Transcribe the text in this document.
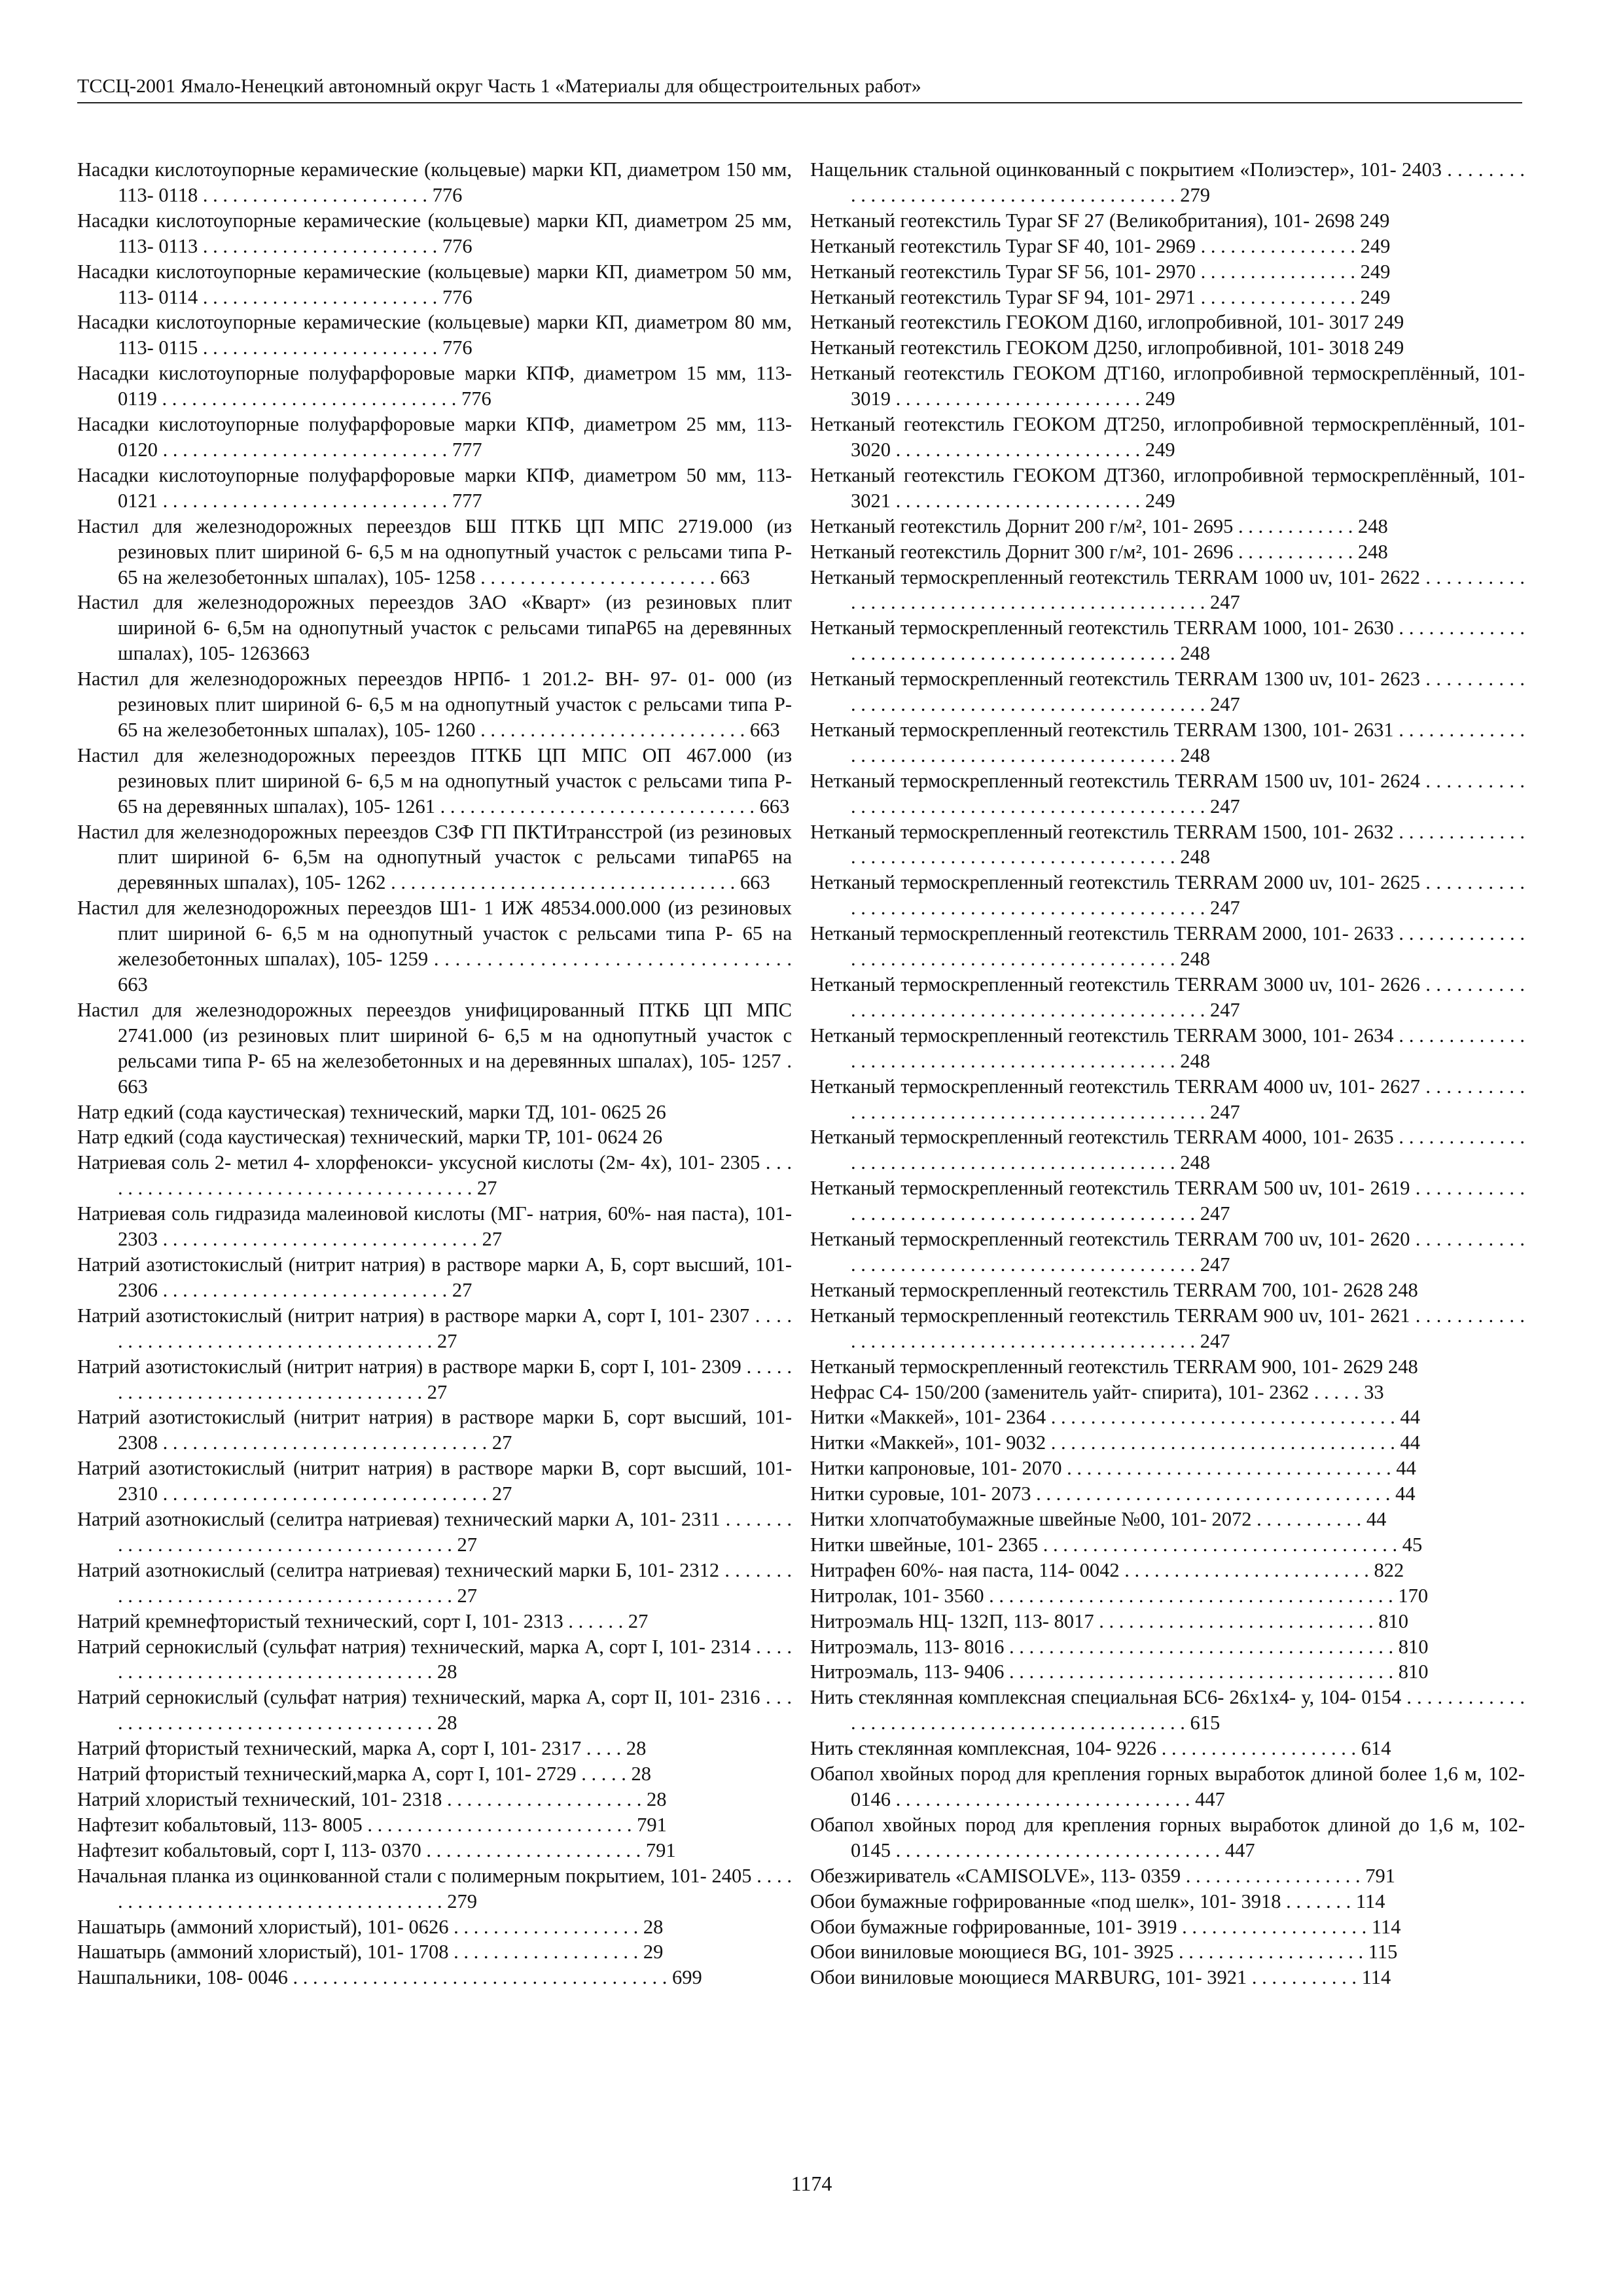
ТССЦ-2001 Ямало-Ненецкий автономный округ Часть 1 «Материалы для общестроительных работ»
Насадки кислотоупорные керамические (кольцевые) марки КП, диаметром 150 мм, 113- 0118 . . . . . . . . . . . . . . . . . . . . . . . 776
Насадки кислотоупорные керамические (кольцевые) марки КП, диаметром 25 мм, 113- 0113 . . . . . . . . . . . . . . . . . . . . . . . . 776
Насадки кислотоупорные керамические (кольцевые) марки КП, диаметром 50 мм, 113- 0114 . . . . . . . . . . . . . . . . . . . . . . . . 776
Насадки кислотоупорные керамические (кольцевые) марки КП, диаметром 80 мм, 113- 0115 . . . . . . . . . . . . . . . . . . . . . . . . 776
Насадки кислотоупорные полуфарфоровые марки КПФ, диаметром 15 мм, 113- 0119 . . . . . . . . . . . . . . . . . . . . . . . . . . . . . . 776
Насадки кислотоупорные полуфарфоровые марки КПФ, диаметром 25 мм, 113- 0120 . . . . . . . . . . . . . . . . . . . . . . . . . . . . . 777
Насадки кислотоупорные полуфарфоровые марки КПФ, диаметром 50 мм, 113- 0121 . . . . . . . . . . . . . . . . . . . . . . . . . . . . . 777
Настил для железнодорожных переездов БШ ПТКБ ЦП МПС 2719.000 (из резиновых плит шириной 6- 6,5 м на однопутный участок с рельсами типа Р- 65 на железобетонных шпалах), 105- 1258 . . . . . . . . . . . . . . . . . . . . . . . . 663
Настил для железнодорожных переездов ЗАО «Кварт» (из резиновых плит шириной 6- 6,5м на однопутный участок с рельсами типаР65 на деревянных шпалах), 105- 1263663
Настил для железнодорожных переездов НРПб- 1 201.2- ВН- 97- 01- 000 (из резиновых плит шириной 6- 6,5 м на однопутный участок с рельсами типа Р- 65 на железобетонных шпалах), 105- 1260 . . . . . . . . . . . . . . . . . . . . . . . . . . . 663
Настил для железнодорожных переездов ПТКБ ЦП МПС ОП 467.000 (из резиновых плит шириной 6- 6,5 м на однопутный участок с рельсами типа Р- 65 на деревянных шпалах), 105- 1261 . . . . . . . . . . . . . . . . . . . . . . . . . . . . . . . . 663
Настил для железнодорожных переездов СЗФ ГП ПКТИтрансстрой (из резиновых плит шириной 6- 6,5м на однопутный участок с рельсами типаР65 на деревянных шпалах), 105- 1262 . . . . . . . . . . . . . . . . . . . . . . . . . . . . . . . . . . . 663
Настил для железнодорожных переездов Ш1- 1 ИЖ 48534.000.000 (из резиновых плит шириной 6- 6,5 м на однопутный участок с рельсами типа Р- 65 на железобетонных шпалах), 105- 1259 . . . . . . . . . . . . . . . . . . . . . . . . . . . . . . . . . . 663
Настил для железнодорожных переездов унифицированный ПТКБ ЦП МПС 2741.000 (из резиновых плит шириной 6- 6,5 м на однопутный участок с рельсами типа Р- 65 на железобетонных и на деревянных шпалах), 105- 1257 . 663
Натр едкий (сода каустическая) технический, марки ТД, 101- 0625 26
Натр едкий (сода каустическая) технический, марки ТР, 101- 0624 26
Натриевая соль 2- метил 4- хлорфенокси- уксусной кислоты (2м- 4х), 101- 2305 . . . . . . . . . . . . . . . . . . . . . . . . . . . . . . . . . . . . . . . 27
Натриевая соль гидразида малеиновой кислоты (МГ- натрия, 60%- ная паста), 101- 2303 . . . . . . . . . . . . . . . . . . . . . . . . . . . . . . . . 27
Натрий азотистокислый (нитрит натрия) в растворе марки А, Б, сорт высший, 101- 2306 . . . . . . . . . . . . . . . . . . . . . . . . . . . . . 27
Натрий азотистокислый (нитрит натрия) в растворе марки А, сорт I, 101- 2307 . . . . . . . . . . . . . . . . . . . . . . . . . . . . . . . . . . . . 27
Натрий азотистокислый (нитрит натрия) в растворе марки Б, сорт I, 101- 2309 . . . . . . . . . . . . . . . . . . . . . . . . . . . . . . . . . . . . 27
Натрий азотистокислый (нитрит натрия) в растворе марки Б, сорт высший, 101- 2308 . . . . . . . . . . . . . . . . . . . . . . . . . . . . . . . . . 27
Натрий азотистокислый (нитрит натрия) в растворе марки В, сорт высший, 101- 2310 . . . . . . . . . . . . . . . . . . . . . . . . . . . . . . . . . 27
Натрий азотнокислый (селитра натриевая) технический марки А, 101- 2311 . . . . . . . . . . . . . . . . . . . . . . . . . . . . . . . . . . . . . . . . . 27
Натрий азотнокислый (селитра натриевая) технический марки Б, 101- 2312 . . . . . . . . . . . . . . . . . . . . . . . . . . . . . . . . . . . . . . . . . 27
Натрий кремнефтористый технический, сорт I, 101- 2313 . . . . . . 27
Натрий сернокислый (сульфат натрия) технический, марка А, сорт I, 101- 2314 . . . . . . . . . . . . . . . . . . . . . . . . . . . . . . . . . . . . 28
Натрий сернокислый (сульфат натрия) технический, марка А, сорт II, 101- 2316 . . . . . . . . . . . . . . . . . . . . . . . . . . . . . . . . . . . 28
Натрий фтористый технический, марка А, сорт I, 101- 2317 . . . . 28
Натрий фтористый технический,марка А, сорт I, 101- 2729 . . . . . 28
Натрий хлористый технический, 101- 2318 . . . . . . . . . . . . . . . . . . . . 28
Нафтезит кобальтовый, 113- 8005 . . . . . . . . . . . . . . . . . . . . . . . . . . . 791
Нафтезит кобальтовый, сорт I, 113- 0370 . . . . . . . . . . . . . . . . . . . . . . 791
Начальная планка из оцинкованной стали с полимерным покрытием, 101- 2405 . . . . . . . . . . . . . . . . . . . . . . . . . . . . . . . . . . . . . 279
Нашатырь (аммоний хлористый), 101- 0626 . . . . . . . . . . . . . . . . . . . 28
Нашатырь (аммоний хлористый), 101- 1708 . . . . . . . . . . . . . . . . . . . 29
Нашпальники, 108- 0046 . . . . . . . . . . . . . . . . . . . . . . . . . . . . . . . . . . . . . . 699
Нащельник стальной оцинкованный с покрытием «Полиэстер», 101- 2403 . . . . . . . . . . . . . . . . . . . . . . . . . . . . . . . . . . . . . . . . . 279
Нетканый геотекстиль Typar SF 27 (Великобритания), 101- 2698 249
Нетканый геотекстиль Typar SF 40, 101- 2969 . . . . . . . . . . . . . . . . 249
Нетканый геотекстиль Typar SF 56, 101- 2970 . . . . . . . . . . . . . . . . 249
Нетканый геотекстиль Typar SF 94, 101- 2971 . . . . . . . . . . . . . . . . 249
Нетканый геотекстиль ГЕОКОМ Д160, иглопробивной, 101- 3017 249
Нетканый геотекстиль ГЕОКОМ Д250, иглопробивной, 101- 3018 249
Нетканый геотекстиль ГЕОКОМ ДТ160, иглопробивной термоскреплённый, 101- 3019 . . . . . . . . . . . . . . . . . . . . . . . . . 249
Нетканый геотекстиль ГЕОКОМ ДТ250, иглопробивной термоскреплённый, 101- 3020 . . . . . . . . . . . . . . . . . . . . . . . . . 249
Нетканый геотекстиль ГЕОКОМ ДТ360, иглопробивной термоскреплённый, 101- 3021 . . . . . . . . . . . . . . . . . . . . . . . . . 249
Нетканый геотекстиль Дорнит 200 г/м², 101- 2695 . . . . . . . . . . . . 248
Нетканый геотекстиль Дорнит 300 г/м², 101- 2696 . . . . . . . . . . . . 248
Нетканый термоскрепленный геотекстиль TERRAM 1000 uv, 101- 2622 . . . . . . . . . . . . . . . . . . . . . . . . . . . . . . . . . . . . . . . . . . . . . . 247
Нетканый термоскрепленный геотекстиль TERRAM 1000, 101- 2630 . . . . . . . . . . . . . . . . . . . . . . . . . . . . . . . . . . . . . . . . . . . . . . 248
Нетканый термоскрепленный геотекстиль TERRAM 1300 uv, 101- 2623 . . . . . . . . . . . . . . . . . . . . . . . . . . . . . . . . . . . . . . . . . . . . . . 247
Нетканый термоскрепленный геотекстиль TERRAM 1300, 101- 2631 . . . . . . . . . . . . . . . . . . . . . . . . . . . . . . . . . . . . . . . . . . . . . . 248
Нетканый термоскрепленный геотекстиль TERRAM 1500 uv, 101- 2624 . . . . . . . . . . . . . . . . . . . . . . . . . . . . . . . . . . . . . . . . . . . . . . 247
Нетканый термоскрепленный геотекстиль TERRAM 1500, 101- 2632 . . . . . . . . . . . . . . . . . . . . . . . . . . . . . . . . . . . . . . . . . . . . . . 248
Нетканый термоскрепленный геотекстиль TERRAM 2000 uv, 101- 2625 . . . . . . . . . . . . . . . . . . . . . . . . . . . . . . . . . . . . . . . . . . . . . . 247
Нетканый термоскрепленный геотекстиль TERRAM 2000, 101- 2633 . . . . . . . . . . . . . . . . . . . . . . . . . . . . . . . . . . . . . . . . . . . . . . 248
Нетканый термоскрепленный геотекстиль TERRAM 3000 uv, 101- 2626 . . . . . . . . . . . . . . . . . . . . . . . . . . . . . . . . . . . . . . . . . . . . . . 247
Нетканый термоскрепленный геотекстиль TERRAM 3000, 101- 2634 . . . . . . . . . . . . . . . . . . . . . . . . . . . . . . . . . . . . . . . . . . . . . . 248
Нетканый термоскрепленный геотекстиль TERRAM 4000 uv, 101- 2627 . . . . . . . . . . . . . . . . . . . . . . . . . . . . . . . . . . . . . . . . . . . . . . 247
Нетканый термоскрепленный геотекстиль TERRAM 4000, 101- 2635 . . . . . . . . . . . . . . . . . . . . . . . . . . . . . . . . . . . . . . . . . . . . . . 248
Нетканый термоскрепленный геотекстиль TERRAM 500 uv, 101- 2619 . . . . . . . . . . . . . . . . . . . . . . . . . . . . . . . . . . . . . . . . . . . . . . 247
Нетканый термоскрепленный геотекстиль TERRAM 700 uv, 101- 2620 . . . . . . . . . . . . . . . . . . . . . . . . . . . . . . . . . . . . . . . . . . . . . . 247
Нетканый термоскрепленный геотекстиль TERRAM 700, 101- 2628 248
Нетканый термоскрепленный геотекстиль TERRAM 900 uv, 101- 2621 . . . . . . . . . . . . . . . . . . . . . . . . . . . . . . . . . . . . . . . . . . . . . . 247
Нетканый термоскрепленный геотекстиль TERRAM 900, 101- 2629 248
Нефрас С4- 150/200 (заменитель уайт- спирита), 101- 2362 . . . . . 33
Нитки «Маккей», 101- 2364 . . . . . . . . . . . . . . . . . . . . . . . . . . . . . . . . . . . 44
Нитки «Маккей», 101- 9032 . . . . . . . . . . . . . . . . . . . . . . . . . . . . . . . . . . . 44
Нитки капроновые, 101- 2070 . . . . . . . . . . . . . . . . . . . . . . . . . . . . . . . . . 44
Нитки суровые, 101- 2073 . . . . . . . . . . . . . . . . . . . . . . . . . . . . . . . . . . . . 44
Нитки хлопчатобумажные швейные №00, 101- 2072 . . . . . . . . . . . 44
Нитки швейные, 101- 2365 . . . . . . . . . . . . . . . . . . . . . . . . . . . . . . . . . . . . 45
Нитрафен 60%- ная паста, 114- 0042 . . . . . . . . . . . . . . . . . . . . . . . . . 822
Нитролак, 101- 3560 . . . . . . . . . . . . . . . . . . . . . . . . . . . . . . . . . . . . . . . . . 170
Нитроэмаль НЦ- 132П, 113- 8017 . . . . . . . . . . . . . . . . . . . . . . . . . . . . 810
Нитроэмаль, 113- 8016 . . . . . . . . . . . . . . . . . . . . . . . . . . . . . . . . . . . . . . . 810
Нитроэмаль, 113- 9406 . . . . . . . . . . . . . . . . . . . . . . . . . . . . . . . . . . . . . . . 810
Нить стеклянная комплексная специальная БС6- 26х1х4- у, 104- 0154 . . . . . . . . . . . . . . . . . . . . . . . . . . . . . . . . . . . . . . . . . . . . . . 615
Нить стеклянная комплексная, 104- 9226 . . . . . . . . . . . . . . . . . . . . 614
Обапол хвойных пород для крепления горных выработок длиной более 1,6 м, 102- 0146 . . . . . . . . . . . . . . . . . . . . . . . . . . . . . . 447
Обапол хвойных пород для крепления горных выработок длиной до 1,6 м, 102- 0145 . . . . . . . . . . . . . . . . . . . . . . . . . . . . . . . . . 447
Обезжириватель «CAMISOLVE», 113- 0359 . . . . . . . . . . . . . . . . . . 791
Обои бумажные гофрированные «под шелк», 101- 3918 . . . . . . . 114
Обои бумажные гофрированные, 101- 3919 . . . . . . . . . . . . . . . . . . . 114
Обои виниловые моющиеся BG, 101- 3925 . . . . . . . . . . . . . . . . . . . 115
Обои виниловые моющиеся MARBURG, 101- 3921 . . . . . . . . . . . 114
1174
